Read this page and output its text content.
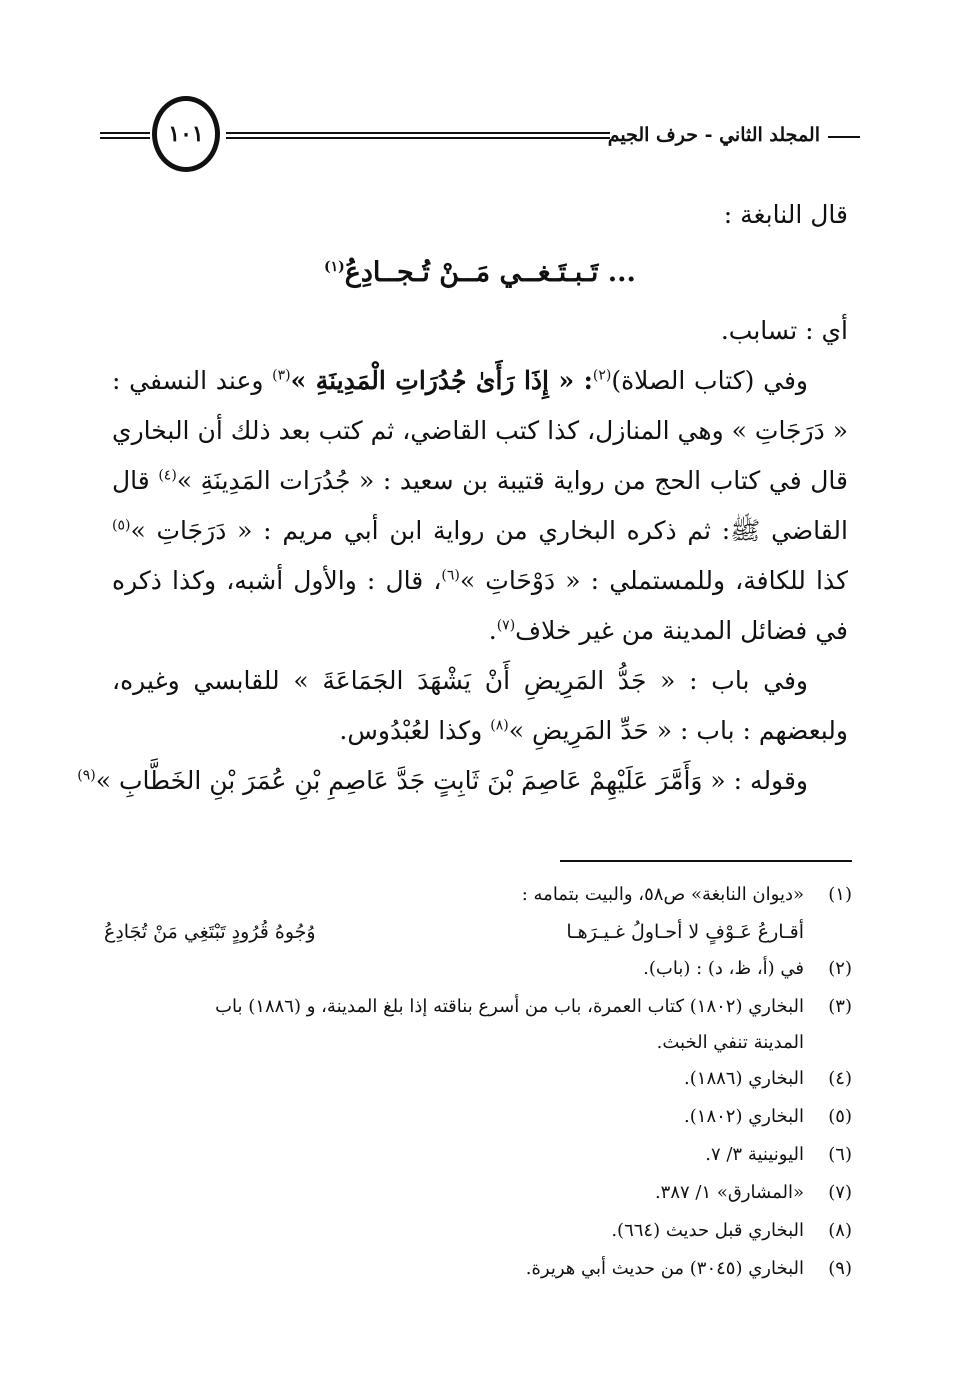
المجلد الثاني - حرف الجيم
١٠١
قال النابغة :
... تَـبـتَـغــي مَــنْ تُـجــادِعُ$^{(١)}$
أي : تسابب.
وفي (كتاب الصلاة)$^{(٢)}$: « إِذَا رَأَىٰ جُدُرَاتِ الْمَدِينَةِ »$^{(٣)}$ وعند النسفي :
« دَرَجَاتِ » وهي المنازل، كذا كتب القاضي، ثم كتب بعد ذلك أن البخاري
قال في كتاب الحج من رواية قتيبة بن سعيد : « جُدُرَات المَدِينَةِ »$^{(٤)}$ قال
القاضي ﷺ: ثم ذكره البخاري من رواية ابن أبي مريم : « دَرَجَاتِ »$^{(٥)}$
كذا للكافة، وللمستملي : « دَوْحَاتِ »$^{(٦)}$، قال : والأول أشبه، وكذا ذكره
في فضائل المدينة من غير خلاف$^{(٧)}$.
وفي باب : « جَدُّ المَرِيضِ أَنْ يَشْهَدَ الجَمَاعَةَ » للقابسي وغيره،
ولبعضهم : باب : « حَدِّ المَرِيضِ »$^{(٨)}$ وكذا لعُبْدُوس.
وقوله : « وَأَمَّرَ عَلَيْهِمْ عَاصِمَ بْنَ ثَابِتٍ جَدَّ عَاصِمِ بْنِ عُمَرَ بْنِ الخَطَّابِ »$^{(٩)}$
(١)
«ديوان النابغة» ص٥٨، والبيت بتمامه :
أقـارعُ عَـوْفٍ لا أحـاولُ غـيـرَهـا
وُجُوهُ قُرُودٍ تَبْتَغِي مَنْ تُجَادِعُ
(٢)
في (أ، ظ، د) : (باب).
(٣)
البخاري (١٨٠٢) كتاب العمرة، باب من أسرع بناقته إذا بلغ المدينة، و (١٨٨٦) باب
المدينة تنفي الخبث.
(٤)
البخاري (١٨٨٦).
(٥)
البخاري (١٨٠٢).
(٦)
اليونينية ٣/ ٧.
(٧)
«المشارق» ١/ ٣٨٧.
(٨)
البخاري قبل حديث (٦٦٤).
(٩)
البخاري (٣٠٤٥) من حديث أبي هريرة.
